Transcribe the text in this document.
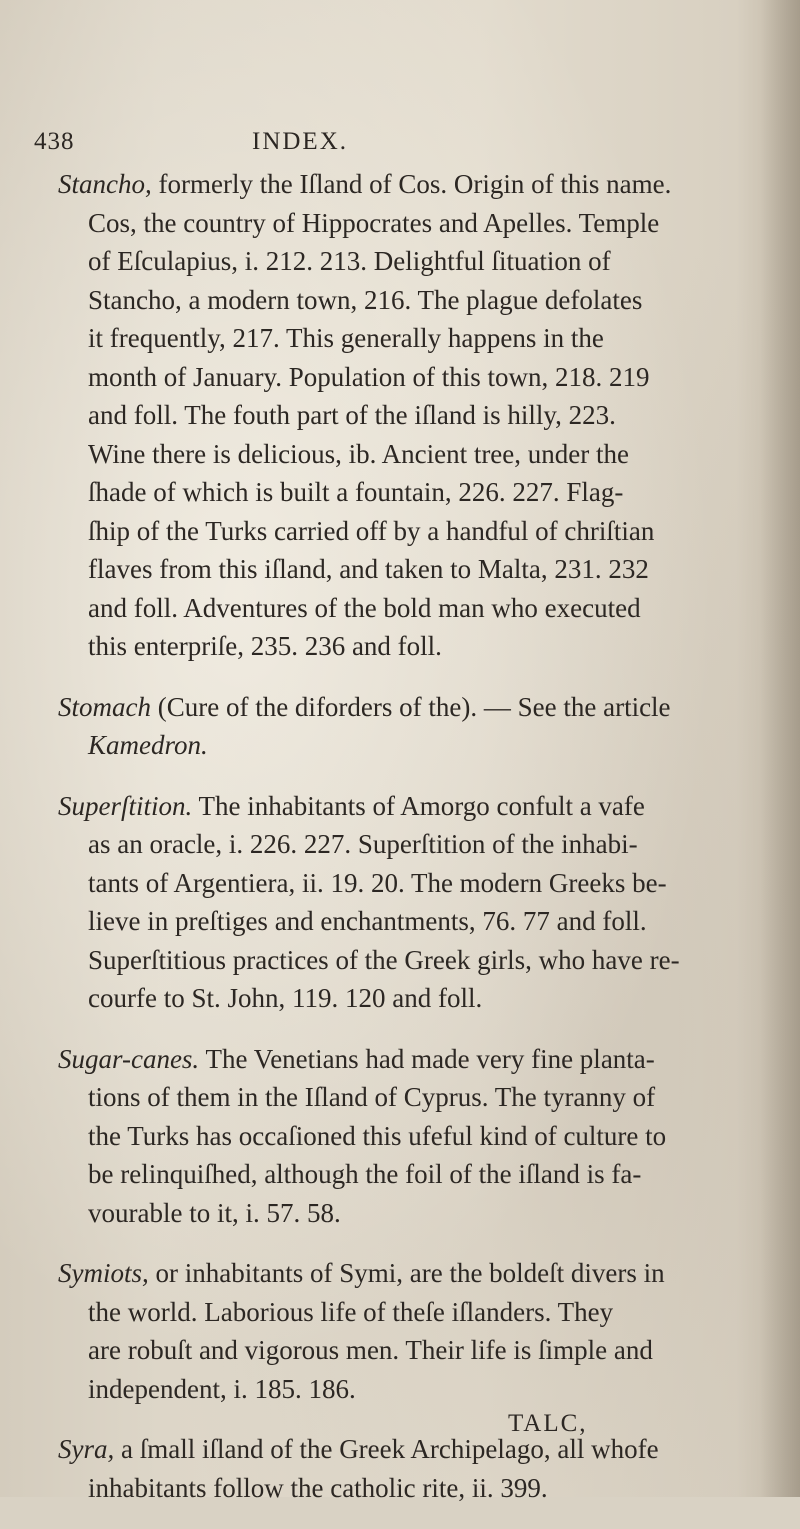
438	INDEX.
Stancho, formerly the Iſland of Cos. Origin of this name.
Cos, the country of Hippocrates and Apelles. Temple
of Eſculapius, i. 212. 213. Delightful ſituation of
Stancho, a modern town, 216. The plague defolates
it frequently, 217. This generally happens in the
month of January. Population of this town, 218. 219
and foll. The fouth part of the iſland is hilly, 223.
Wine there is delicious, ib. Ancient tree, under the
ſhade of which is built a fountain, 226. 227. Flag-
ſhip of the Turks carried off by a handful of chriſtian
flaves from this iſland, and taken to Malta, 231. 232
and foll. Adventures of the bold man who executed
this enterpriſe, 235. 236 and foll.
Stomach (Cure of the diforders of the). — See the article
Kamedron.
Superſtition. The inhabitants of Amorgo confult a vafe
as an oracle, i. 226. 227. Superſtition of the inhabi-
tants of Argentiera, ii. 19. 20. The modern Greeks be-
lieve in preſtiges and enchantments, 76. 77 and foll.
Superſtitious practices of the Greek girls, who have re-
courfe to St. John, 119. 120 and foll.
Sugar-canes. The Venetians had made very fine planta-
tions of them in the Iſland of Cyprus. The tyranny of
the Turks has occaſioned this ufeful kind of culture to
be relinquiſhed, although the foil of the iſland is fa-
vourable to it, i. 57. 58.
Symiots, or inhabitants of Symi, are the boldeſt divers in
the world. Laborious life of theſe iſlanders. They
are robuſt and vigorous men. Their life is ſimple and
independent, i. 185. 186.
Syra, a ſmall iſland of the Greek Archipelago, all whofe
inhabitants follow the catholic rite, ii. 399.
TALC,
